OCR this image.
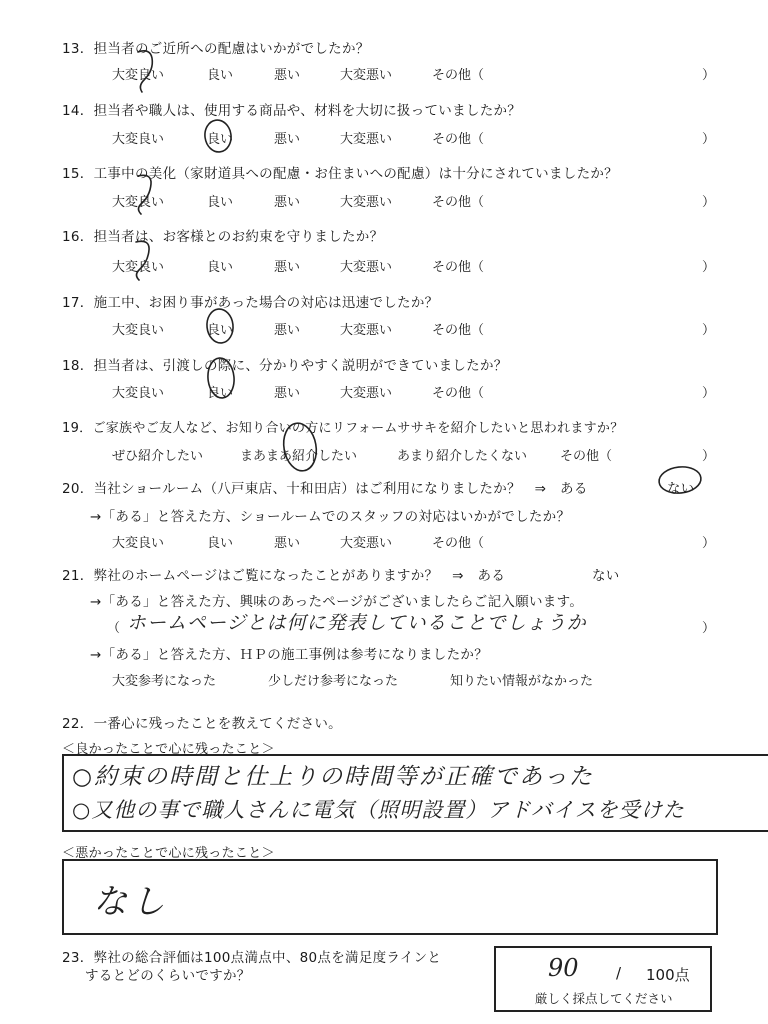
13．担当者のご近所への配慮はいかがでしたか？
大変良い	良い	悪い	大変悪い	その他（	）
14．担当者や職人は、使用する商品や、材料を大切に扱っていましたか？
大変良い	良い	悪い	大変悪い	その他（	）
15．工事中の美化（家財道具への配慮・お住まいへの配慮）は十分にされていましたか？
大変良い	良い	悪い	大変悪い	その他（	）
16．担当者は、お客様とのお約束を守りましたか？
大変良い	良い	悪い	大変悪い	その他（	）
17．施工中、お困り事があった場合の対応は迅速でしたか？
大変良い	良い	悪い	大変悪い	その他（	）
18．担当者は、引渡しの際に、分かりやすく説明ができていましたか？
大変良い	良い	悪い	大変悪い	その他（	）
19．ご家族やご友人など、お知り合いの方にリフォームササキを紹介したいと思われますか？
ぜひ紹介したい	まあまあ紹介したい	あまり紹介したくない	その他（	）
20．当社ショールーム（八戸東店、十和田店）はご利用になりましたか？　⇒　ある	ない
→「ある」と答えた方、ショールームでのスタッフの対応はいかがでしたか？
大変良い	良い	悪い	大変悪い	その他（	）
21．弊社のホームページはご覧になったことがありますか？　⇒　ある	ない
→「ある」と答えた方、興味のあったページがございましたらご記入願います。
（ ホームページとは何に発表していることでしょうか	）
→「ある」と答えた方、ＨＰの施工事例は参考になりましたか？
大変参考になった	少しだけ参考になった	知りたい情報がなかった
22．一番心に残ったことを教えてください。
＜良かったことで心に残ったこと＞
○約束の時間と仕上りの時間等が正確であった
○又他の事で職人さんに電気（照明設置）アドバイスを受けた
＜悪かったことで心に残ったこと＞
なし
23．弊社の総合評価は100点満点中、80点を満足度ラインと
するとどのくらいですか？	90 / 100点
厳しく採点してください
